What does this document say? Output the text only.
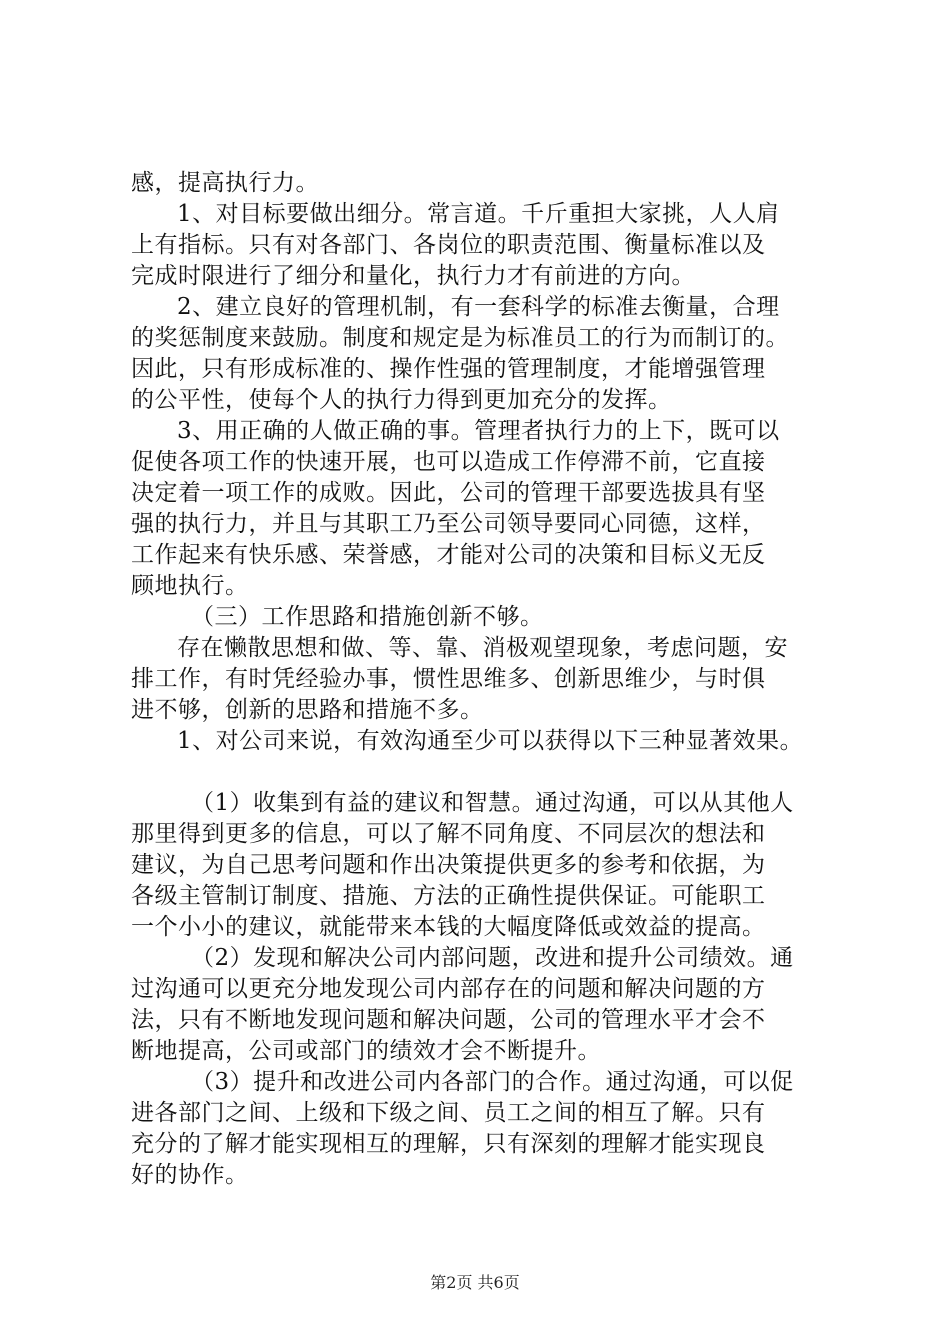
感，提高执行力。
1、对目标要做出细分。常言道。千斤重担大家挑，人人肩
上有指标。只有对各部门、各岗位的职责范围、衡量标准以及
完成时限进行了细分和量化，执行力才有前进的方向。
2、建立良好的管理机制，有一套科学的标准去衡量，合理
的奖惩制度来鼓励。制度和规定是为标准员工的行为而制订的。
因此，只有形成标准的、操作性强的管理制度，才能增强管理
的公平性，使每个人的执行力得到更加充分的发挥。
3、用正确的人做正确的事。管理者执行力的上下，既可以
促使各项工作的快速开展，也可以造成工作停滞不前，它直接
决定着一项工作的成败。因此，公司的管理干部要选拔具有坚
强的执行力，并且与其职工乃至公司领导要同心同德，这样，
工作起来有快乐感、荣誉感，才能对公司的决策和目标义无反
顾地执行。
（三）工作思路和措施创新不够。
存在懒散思想和做、等、靠、消极观望现象，考虑问题，安
排工作，有时凭经验办事，惯性思维多、创新思维少，与时俱
进不够，创新的思路和措施不多。
1、对公司来说，有效沟通至少可以获得以下三种显著效果。
（1）收集到有益的建议和智慧。通过沟通，可以从其他人
那里得到更多的信息，可以了解不同角度、不同层次的想法和
建议，为自己思考问题和作出决策提供更多的参考和依据，为
各级主管制订制度、措施、方法的正确性提供保证。可能职工
一个小小的建议，就能带来本钱的大幅度降低或效益的提高。
（2）发现和解决公司内部问题，改进和提升公司绩效。通
过沟通可以更充分地发现公司内部存在的问题和解决问题的方
法，只有不断地发现问题和解决问题，公司的管理水平才会不
断地提高，公司或部门的绩效才会不断提升。
（3）提升和改进公司内各部门的合作。通过沟通，可以促
进各部门之间、上级和下级之间、员工之间的相互了解。只有
充分的了解才能实现相互的理解，只有深刻的理解才能实现良
好的协作。
第2页 共6页
